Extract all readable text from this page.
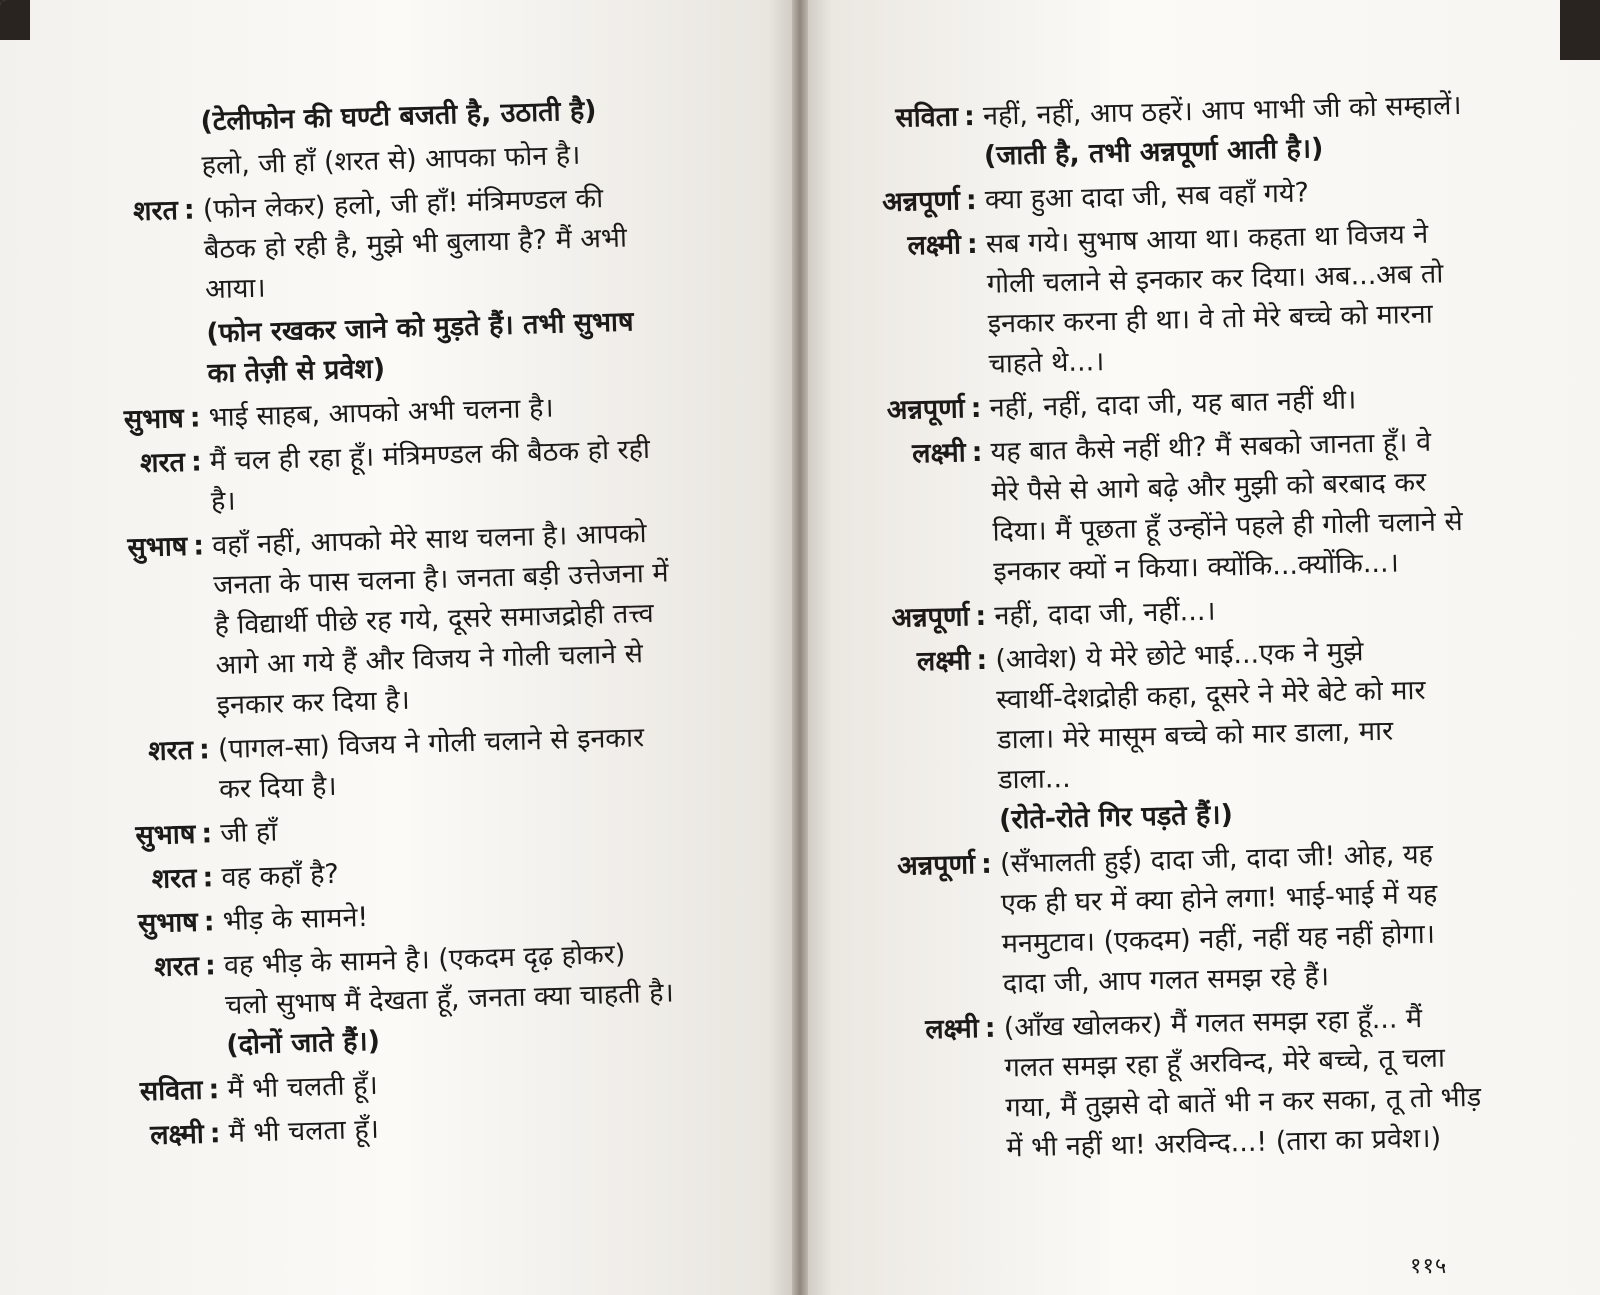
(टेलीफोन की घण्टी बजती है, उठाती है)
हलो, जी हाँ (शरत से) आपका फोन है।
शरत : (फोन लेकर) हलो, जी हाँ! मंत्रिमण्डल की
बैठक हो रही है, मुझे भी बुलाया है? मैं अभी
आया।
(फोन रखकर जाने को मुड़ते हैं। तभी सुभाष
का तेज़ी से प्रवेश)
सुभाष : भाई साहब, आपको अभी चलना है।
शरत : मैं चल ही रहा हूँ। मंत्रिमण्डल की बैठक हो रही
है।
सुभाष : वहाँ नहीं, आपको मेरे साथ चलना है। आपको
जनता के पास चलना है। जनता बड़ी उत्तेजना में
है विद्यार्थी पीछे रह गये, दूसरे समाजद्रोही तत्त्व
आगे आ गये हैं और विजय ने गोली चलाने से
इनकार कर दिया है।
शरत : (पागल-सा) विजय ने गोली चलाने से इनकार
कर दिया है।
सुभाष : जी हाँ
शरत : वह कहाँ है?
सुभाष : भीड़ के सामने!
शरत : वह भीड़ के सामने है। (एकदम दृढ़ होकर)
चलो सुभाष मैं देखता हूँ, जनता क्या चाहती है।
(दोनों जाते हैं।)
सविता : मैं भी चलती हूँ।
लक्ष्मी : मैं भी चलता हूँ।
सविता : नहीं, नहीं, आप ठहरें। आप भाभी जी को सम्हालें।
(जाती है, तभी अन्नपूर्णा आती है।)
अन्नपूर्णा : क्या हुआ दादा जी, सब वहाँ गये?
लक्ष्मी : सब गये। सुभाष आया था। कहता था विजय ने
गोली चलाने से इनकार कर दिया। अब...अब तो
इनकार करना ही था। वे तो मेरे बच्चे को मारना
चाहते थे...।
अन्नपूर्णा : नहीं, नहीं, दादा जी, यह बात नहीं थी।
लक्ष्मी : यह बात कैसे नहीं थी? मैं सबको जानता हूँ। वे
मेरे पैसे से आगे बढ़े और मुझी को बरबाद कर
दिया। मैं पूछता हूँ उन्होंने पहले ही गोली चलाने से
इनकार क्यों न किया। क्योंकि...क्योंकि...।
अन्नपूर्णा : नहीं, दादा जी, नहीं...।
लक्ष्मी : (आवेश) ये मेरे छोटे भाई...एक ने मुझे
स्वार्थी-देशद्रोही कहा, दूसरे ने मेरे बेटे को मार
डाला। मेरे मासूम बच्चे को मार डाला, मार
डाला...
(रोते-रोते गिर पड़ते हैं।)
अन्नपूर्णा : (सँभालती हुई) दादा जी, दादा जी! ओह, यह
एक ही घर में क्या होने लगा! भाई-भाई में यह
मनमुटाव। (एकदम) नहीं, नहीं यह नहीं होगा।
दादा जी, आप गलत समझ रहे हैं।
लक्ष्मी : (आँख खोलकर) मैं गलत समझ रहा हूँ... मैं
गलत समझ रहा हूँ अरविन्द, मेरे बच्चे, तू चला
गया, मैं तुझसे दो बातें भी न कर सका, तू तो भीड़
में भी नहीं था! अरविन्द...! (तारा का प्रवेश।)
११५
